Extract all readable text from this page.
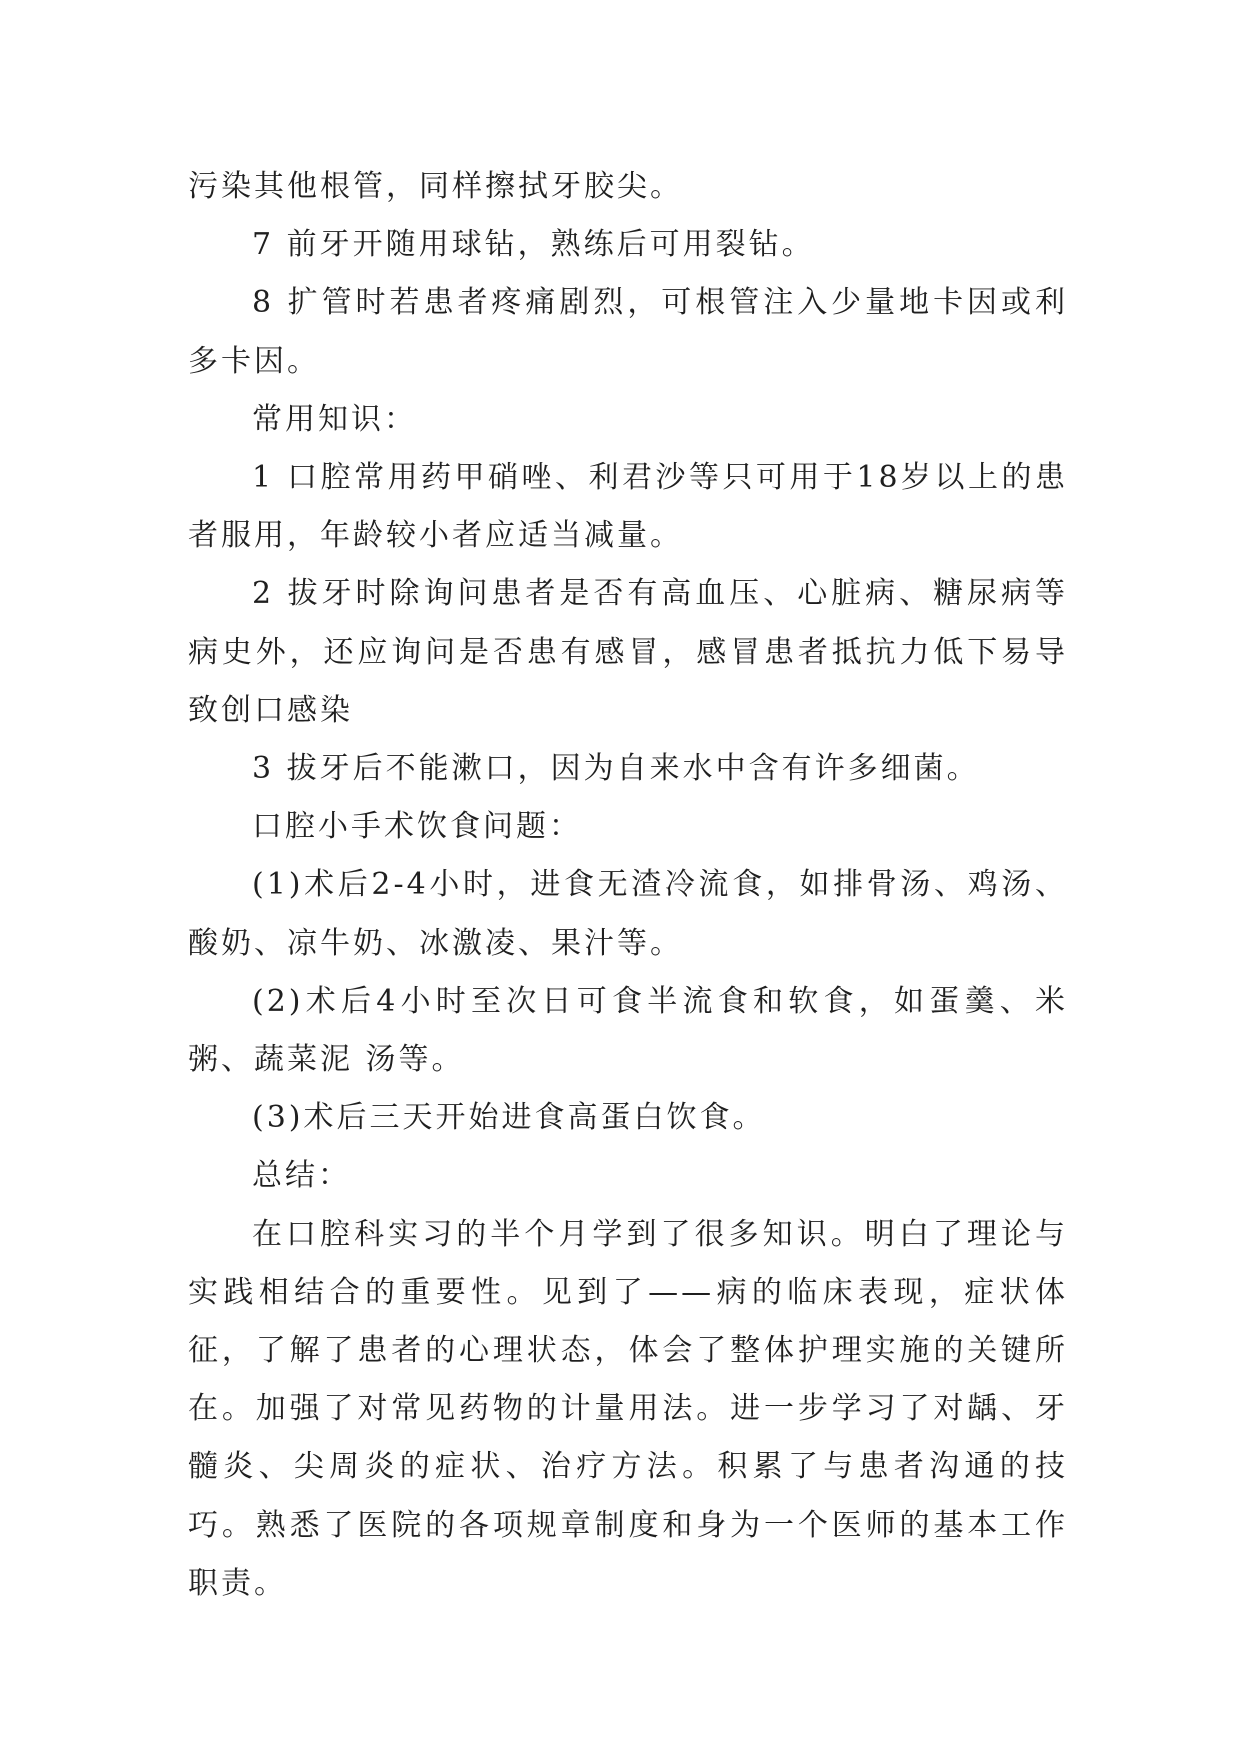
污染其他根管，同样擦拭牙胶尖。

7 前牙开随用球钻，熟练后可用裂钻。

8 扩管时若患者疼痛剧烈，可根管注入少量地卡因或利多卡因。

常用知识：

1 口腔常用药甲硝唑、利君沙等只可用于18岁以上的患者服用，年龄较小者应适当减量。

2 拔牙时除询问患者是否有高血压、心脏病、糖尿病等病史外，还应询问是否患有感冒，感冒患者抵抗力低下易导致创口感染

3 拔牙后不能漱口，因为自来水中含有许多细菌。

口腔小手术饮食问题：

(1)术后2-4小时，进食无渣冷流食，如排骨汤、鸡汤、酸奶、凉牛奶、冰激凌、果汁等。

(2)术后4小时至次日可食半流食和软食，如蛋羹、米粥、蔬菜泥 汤等。

(3)术后三天开始进食高蛋白饮食。

总结：

在口腔科实习的半个月学到了很多知识。明白了理论与实践相结合的重要性。见到了——病的临床表现，症状体征，了解了患者的心理状态，体会了整体护理实施的关键所在。加强了对常见药物的计量用法。进一步学习了对龋、牙髓炎、尖周炎的症状、治疗方法。积累了与患者沟通的技巧。熟悉了医院的各项规章制度和身为一个医师的基本工作职责。
